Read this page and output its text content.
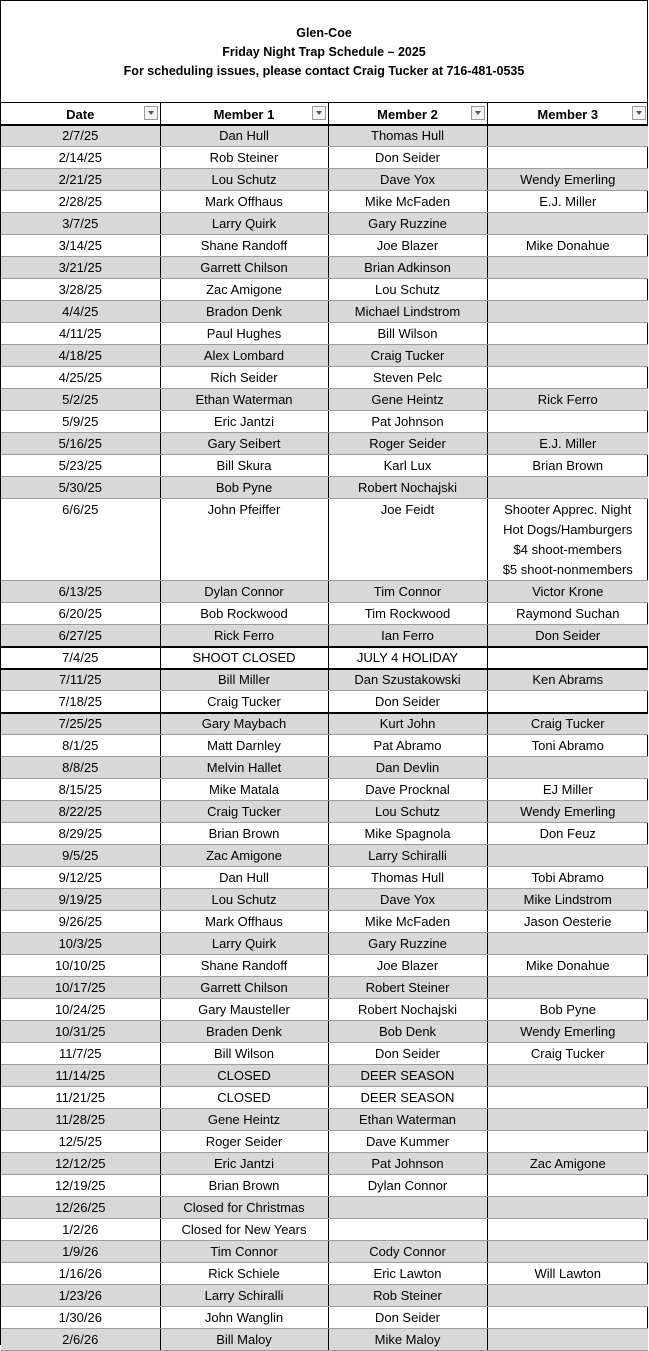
Glen-Coe
Friday Night Trap Schedule – 2025
For scheduling issues, please contact Craig Tucker at 716-481-0535
Date	Member 1	Member 2	Member 3

2/7/25	Dan Hull	Thomas Hull	
2/14/25	Rob Steiner	Don Seider	
2/21/25	Lou Schutz	Dave Yox	Wendy Emerling
2/28/25	Mark Offhaus	Mike McFaden	E.J. Miller
3/7/25	Larry Quirk	Gary Ruzzine	
3/14/25	Shane Randoff	Joe Blazer	Mike Donahue
3/21/25	Garrett Chilson	Brian Adkinson	
3/28/25	Zac Amigone	Lou Schutz	
4/4/25	Bradon Denk	Michael Lindstrom	
4/11/25	Paul Hughes	Bill Wilson	
4/18/25	Alex Lombard	Craig Tucker	
4/25/25	Rich Seider	Steven Pelc	
5/2/25	Ethan Waterman	Gene Heintz	Rick Ferro
5/9/25	Eric Jantzi	Pat Johnson	
5/16/25	Gary Seibert	Roger Seider	E.J. Miller
5/23/25	Bill Skura	Karl Lux	Brian Brown
5/30/25	Bob Pyne	Robert Nochajski	
6/6/25	John Pfeiffer	Joe Feidt	Shooter Apprec. Night
Hot Dogs/Hamburgers
$4 shoot-members
$5 shoot-nonmembers

6/13/25	Dylan Connor	Tim Connor	Victor Krone
6/20/25	Bob Rockwood	Tim Rockwood	Raymond Suchan
6/27/25	Rick Ferro	Ian Ferro	Don Seider
7/4/25	SHOOT CLOSED	JULY 4 HOLIDAY	
7/11/25	Bill Miller	Dan Szustakowski	Ken Abrams
7/18/25	Craig Tucker	Don Seider	
7/25/25	Gary Maybach	Kurt John	Craig Tucker
8/1/25	Matt Darnley	Pat Abramo	Toni Abramo
8/8/25	Melvin Hallet	Dan Devlin	
8/15/25	Mike Matala	Dave Procknal	EJ Miller
8/22/25	Craig Tucker	Lou Schutz	Wendy Emerling
8/29/25	Brian Brown	Mike Spagnola	Don Feuz
9/5/25	Zac Amigone	Larry Schiralli	
9/12/25	Dan Hull	Thomas Hull	Tobi Abramo
9/19/25	Lou Schutz	Dave Yox	Mike Lindstrom
9/26/25	Mark Offhaus	Mike McFaden	Jason Oesterie
10/3/25	Larry Quirk	Gary Ruzzine	
10/10/25	Shane Randoff	Joe Blazer	Mike Donahue
10/17/25	Garrett Chilson	Robert Steiner	
10/24/25	Gary Mausteller	Robert Nochajski	Bob Pyne
10/31/25	Braden Denk	Bob Denk	Wendy Emerling
11/7/25	Bill Wilson	Don Seider	Craig Tucker
11/14/25	CLOSED	DEER SEASON	
11/21/25	CLOSED	DEER SEASON	
11/28/25	Gene Heintz	Ethan Waterman	
12/5/25	Roger Seider	Dave Kummer	
12/12/25	Eric Jantzi	Pat Johnson	Zac Amigone
12/19/25	Brian Brown	Dylan Connor	
12/26/25	Closed for Christmas		
1/2/26	Closed for New Years		
1/9/26	Tim Connor	Cody Connor	
1/16/26	Rick Schiele	Eric Lawton	Will Lawton
1/23/26	Larry Schiralli	Rob Steiner	
1/30/26	John Wanglin	Don Seider	
2/6/26	Bill Maloy	Mike Maloy	
